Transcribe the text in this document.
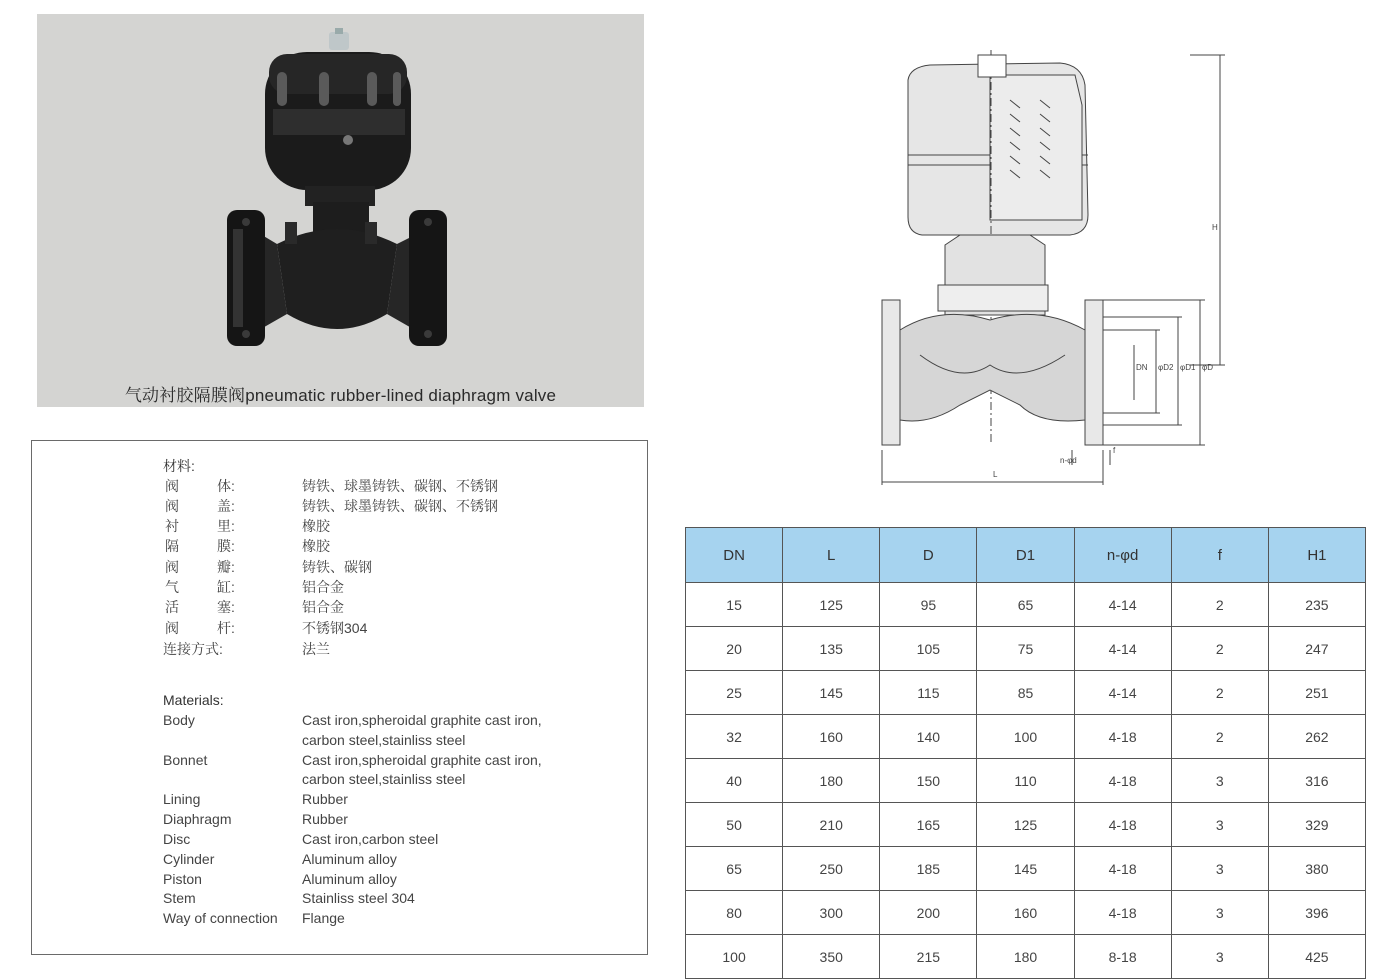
气动衬胶隔膜阀pneumatic rubber-lined diaphragm valve
材料:
阀	体:	铸铁、球墨铸铁、碳钢、不锈钢
阀	盖:	铸铁、球墨铸铁、碳钢、不锈钢
衬	里:	橡胶
隔	膜:	橡胶
阀	瓣:	铸铁、碳钢
气	缸:	铝合金
活	塞:	铝合金
阀	杆:	不锈钢304
连接方式:	法兰
Materials:
Body	Cast iron,spheroidal graphite cast iron,
carbon steel,stainliss steel
Bonnet	Cast iron,spheroidal graphite cast iron,
carbon steel,stainliss steel
Lining	Rubber
Diaphragm	Rubber
Disc	Cast iron,carbon steel
Cylinder	Aluminum alloy
Piston	Aluminum alloy
Stem	Stainliss steel 304
Way of connection Flange
H
L
DN φD2 φD1 φD
n-φd
f
DN	L	D	D1	n-φd	f	H1
15	125	95	65	4-14	2	235
20	135	105	75	4-14	2	247
25	145	115	85	4-14	2	251
32	160	140	100	4-18	2	262
40	180	150	110	4-18	3	316
50	210	165	125	4-18	3	329
65	250	185	145	4-18	3	380
80	300	200	160	4-18	3	396
100	350	215	180	8-18	3	425
